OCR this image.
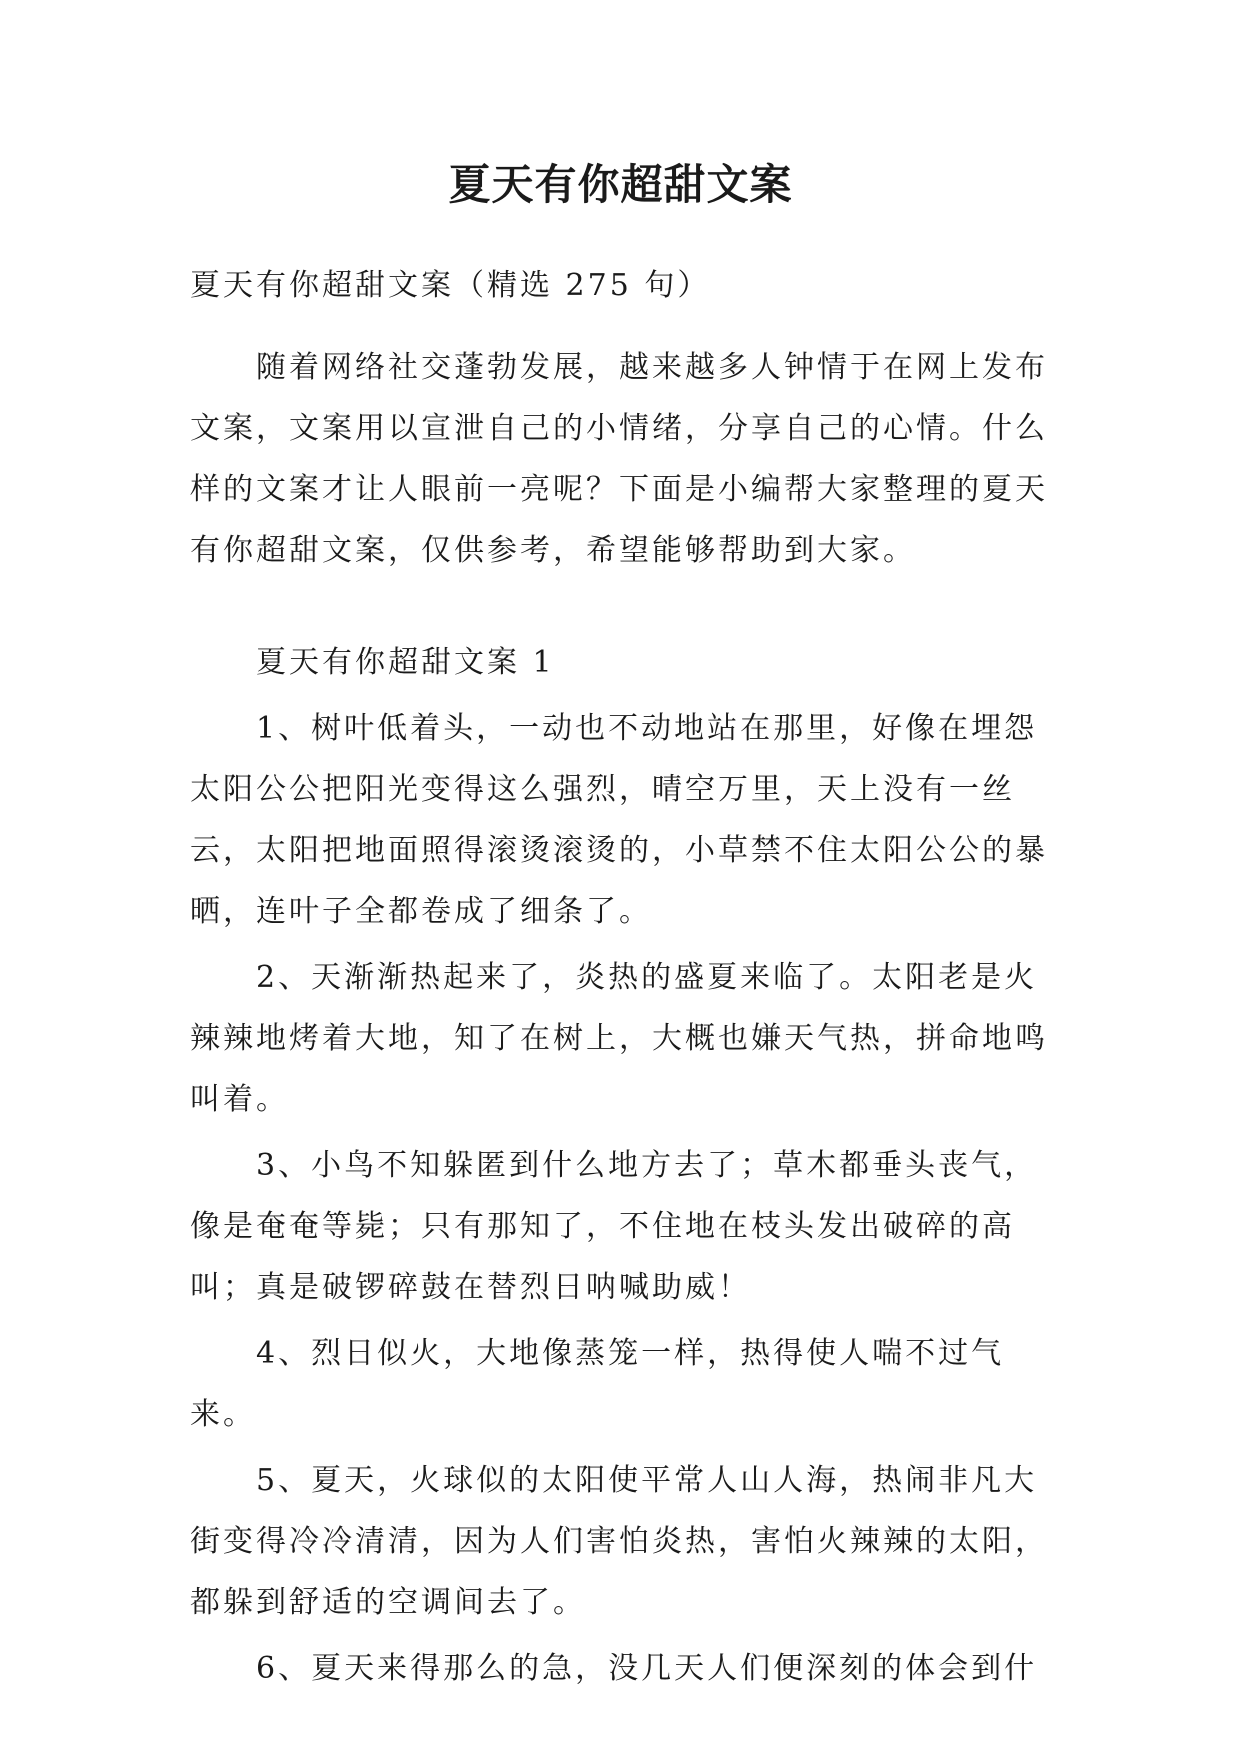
夏天有你超甜文案

夏天有你超甜文案（精选 275 句）

随着网络社交蓬勃发展，越来越多人钟情于在网上发布文案，文案用以宣泄自己的小情绪，分享自己的心情。什么样的文案才让人眼前一亮呢？下面是小编帮大家整理的夏天有你超甜文案，仅供参考，希望能够帮助到大家。

夏天有你超甜文案 1

1、树叶低着头，一动也不动地站在那里，好像在埋怨太阳公公把阳光变得这么强烈，晴空万里，天上没有一丝云，太阳把地面照得滚烫滚烫的，小草禁不住太阳公公的暴晒，连叶子全都卷成了细条了。
2、天渐渐热起来了，炎热的盛夏来临了。太阳老是火辣辣地烤着大地，知了在树上，大概也嫌天气热，拼命地鸣叫着。
3、小鸟不知躲匿到什么地方去了；草木都垂头丧气，像是奄奄等毙；只有那知了，不住地在枝头发出破碎的高叫；真是破锣碎鼓在替烈日呐喊助威！
4、烈日似火，大地像蒸笼一样，热得使人喘不过气来。
5、夏天，火球似的太阳使平常人山人海，热闹非凡大街变得冷冷清清，因为人们害怕炎热，害怕火辣辣的太阳，都躲到舒适的空调间去了。
6、夏天来得那么的急，没几天人们便深刻的体会到什
